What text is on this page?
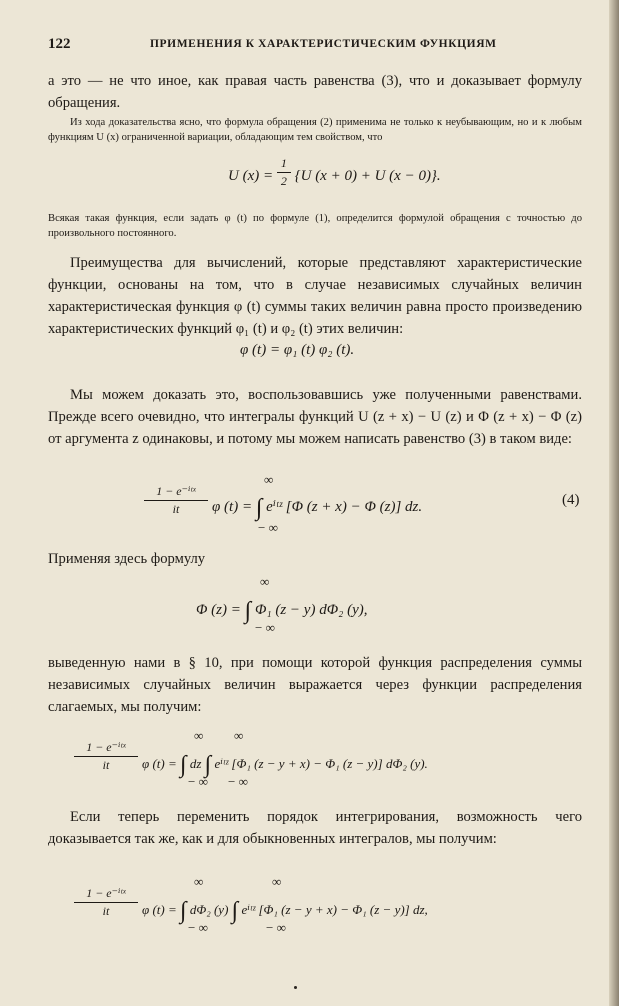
122	ПРИМЕНЕНИЯ К ХАРАКТЕРИСТИЧЕСКИМ ФУНКЦИЯМ

а это — не что иное, как правая часть равенства (3), что и доказывает формулу обращения.

Из хода доказательства ясно, что формула обращения (2) применима не только к неубывающим, но и к любым функциям U (x) ограниченной вариации, обладающим тем свойством, что

U $(x) = \frac{1}{2} \{U$ (x + 0) + U (x − 0)}.

Всякая такая функция, если задать φ (t) по формуле (1), определится формулой обращения с точностью до произвольного постоянного.

Преимущества для вычислений, которые представляют характеристические функции, основаны на том, что в случае независимых случайных величин характеристическая функция φ (t) суммы таких величин равна просто произведению характеристических функций φ₁ (t) и φ₂ (t) этих величин:

φ (t) = φ₁ (t) φ₂ (t).

Мы можем доказать это, воспользовавшись уже полученными равенствами. Прежде всего очевидно, что интегралы функций U (z + x) − U (z) и Φ (z + x) − Φ (z) от аргумента z одинаковы, и потому мы можем написать равенство (3) в таком виде:

1 − e⁻ⁱᵗˣ
it	φ (t) = ∫ eⁱᵗᶻ [Φ (z + x) − Φ (z)] dz.
∞
− ∞
(4)

Применяя здесь формулу

Φ (z) = ∫ Φ₁ (z − y) dΦ₂ (y),
∞
− ∞

выведенную нами в § 10, при помощи которой функция распределения суммы независимых случайных величин выражается через функции распределения слагаемых, мы получим:

1 − e⁻ⁱᵗˣ
it	φ (t) = ∫ dz ∫ eⁱᵗᶻ [Φ₁ (z − y + x) − Φ₁ (z − y)] dΦ₂ (y).
∞ ∞
− ∞ − ∞

Если теперь переменить порядок интегрирования, возможность чего доказывается так же, как и для обыкновенных интегралов, мы получим:

1 − e⁻ⁱᵗˣ
it	φ (t) = ∫ dΦ₂ (y) ∫ eⁱᵗᶻ [Φ₁ (z − y + x) − Φ₁ (z − y)] dz,
∞	∞
− ∞	− ∞
